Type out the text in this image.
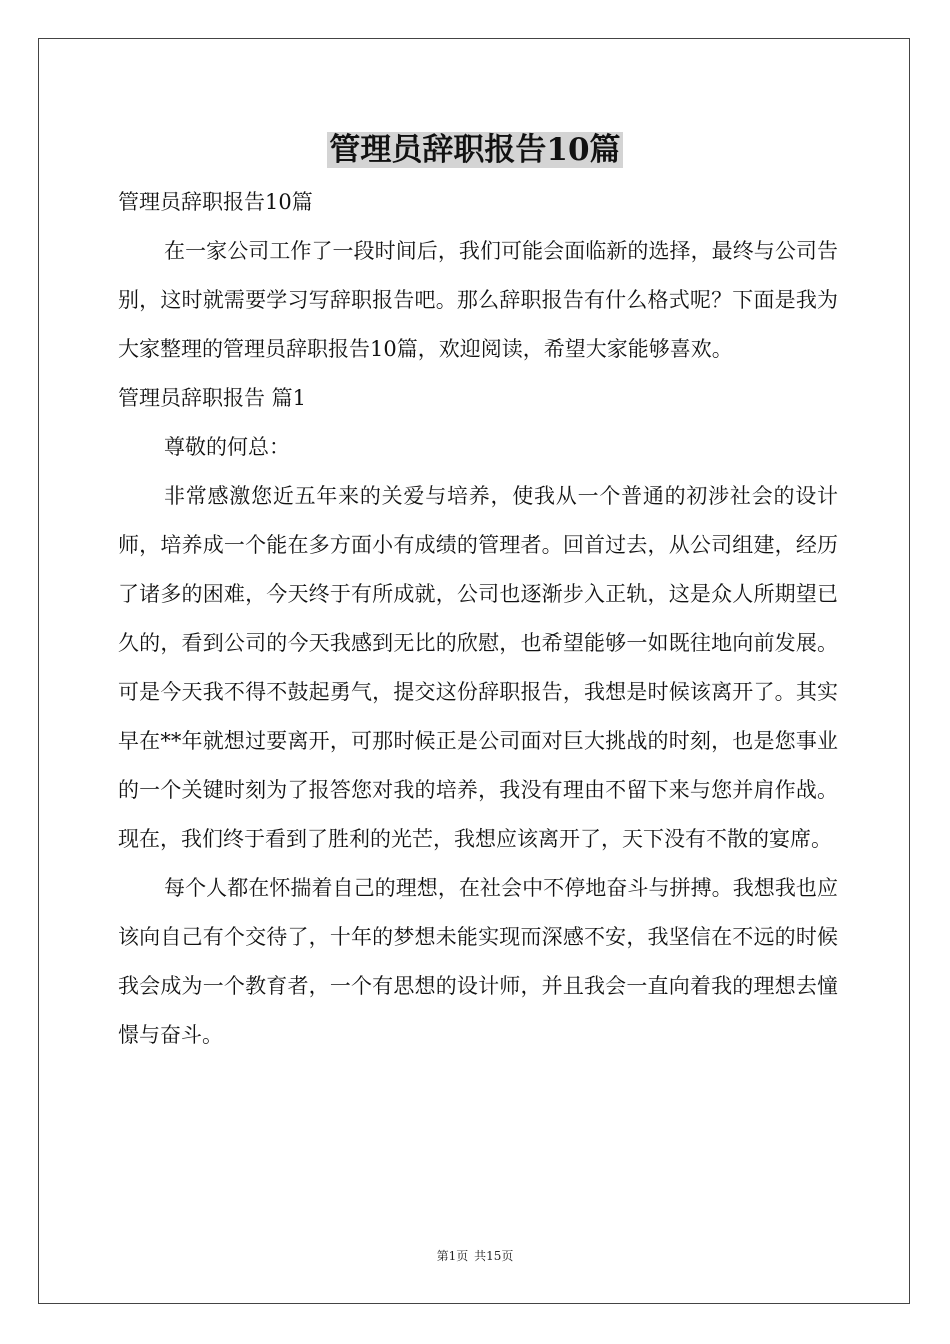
管理员辞职报告10篇

管理员辞职报告10篇

在一家公司工作了一段时间后，我们可能会面临新的选择，最终与公司告别，这时就需要学习写辞职报告吧。那么辞职报告有什么格式呢？下面是我为大家整理的管理员辞职报告10篇，欢迎阅读，希望大家能够喜欢。

管理员辞职报告 篇1

尊敬的何总：

非常感激您近五年来的关爱与培养，使我从一个普通的初涉社会的设计师，培养成一个能在多方面小有成绩的管理者。回首过去，从公司组建，经历了诸多的困难，今天终于有所成就，公司也逐渐步入正轨，这是众人所期望已久的，看到公司的今天我感到无比的欣慰，也希望能够一如既往地向前发展。可是今天我不得不鼓起勇气，提交这份辞职报告，我想是时候该离开了。其实早在**年就想过要离开，可那时候正是公司面对巨大挑战的时刻，也是您事业的一个关键时刻为了报答您对我的培养，我没有理由不留下来与您并肩作战。现在，我们终于看到了胜利的光芒，我想应该离开了，天下没有不散的宴席。

每个人都在怀揣着自己的理想，在社会中不停地奋斗与拼搏。我想我也应该向自己有个交待了，十年的梦想未能实现而深感不安，我坚信在不远的时候我会成为一个教育者，一个有思想的设计师，并且我会一直向着我的理想去憧憬与奋斗。

第1页 共15页
